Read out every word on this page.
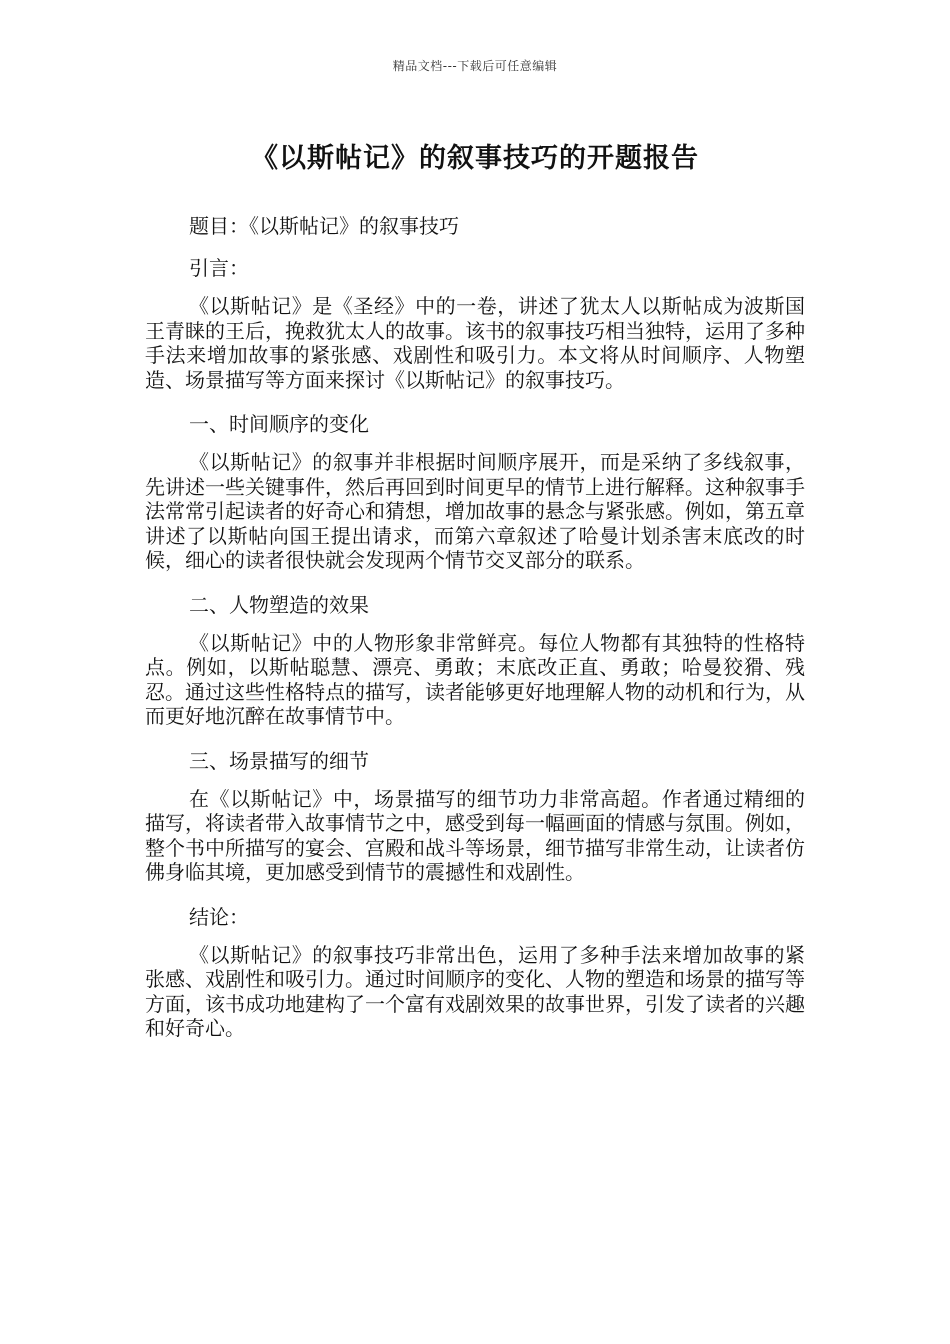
精品文档---下载后可任意编辑
《以斯帖记》的叙事技巧的开题报告

题目：《以斯帖记》的叙事技巧

引言：

《以斯帖记》是《圣经》中的一卷，讲述了犹太人以斯帖成为波斯国王青睐的王后，挽救犹太人的故事。该书的叙事技巧相当独特，运用了多种手法来增加故事的紧张感、戏剧性和吸引力。本文将从时间顺序、人物塑造、场景描写等方面来探讨《以斯帖记》的叙事技巧。

一、时间顺序的变化

《以斯帖记》的叙事并非根据时间顺序展开，而是采纳了多线叙事，先讲述一些关键事件，然后再回到时间更早的情节上进行解释。这种叙事手法常常引起读者的好奇心和猜想，增加故事的悬念与紧张感。例如，第五章讲述了以斯帖向国王提出请求，而第六章叙述了哈曼计划杀害末底改的时候，细心的读者很快就会发现两个情节交叉部分的联系。

二、人物塑造的效果

《以斯帖记》中的人物形象非常鲜亮。每位人物都有其独特的性格特点。例如，以斯帖聪慧、漂亮、勇敢；末底改正直、勇敢；哈曼狡猾、残忍。通过这些性格特点的描写，读者能够更好地理解人物的动机和行为，从而更好地沉醉在故事情节中。

三、场景描写的细节

在《以斯帖记》中，场景描写的细节功力非常高超。作者通过精细的描写，将读者带入故事情节之中，感受到每一幅画面的情感与氛围。例如，整个书中所描写的宴会、宫殿和战斗等场景，细节描写非常生动，让读者仿佛身临其境，更加感受到情节的震撼性和戏剧性。

结论：

《以斯帖记》的叙事技巧非常出色，运用了多种手法来增加故事的紧张感、戏剧性和吸引力。通过时间顺序的变化、人物的塑造和场景的描写等方面，该书成功地建构了一个富有戏剧效果的故事世界，引发了读者的兴趣和好奇心。
